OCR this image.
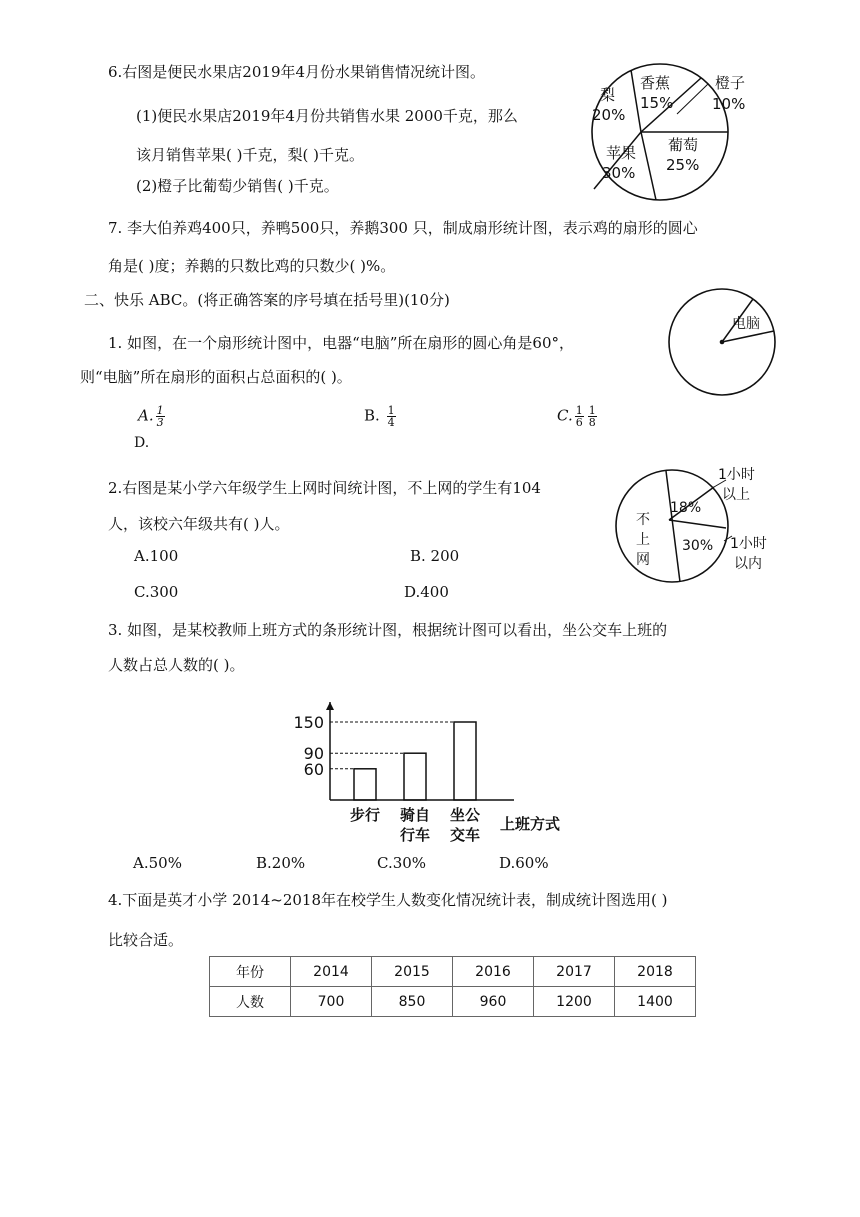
6.右图是便民水果店2019年4月份水果销售情况统计图。
(1)便民水果店2019年4月份共销售水果 2000千克，那么
该月销售苹果( )千克，梨( )千克。
(2)橙子比葡萄少销售( )千克。
香蕉
15%
橙子
10%
葡萄
25%
苹果
30%
梨
20%
7. 李大伯养鸡400只，养鸭500只，养鹅300 只，制成扇形统计图，表示鸡的扇形的圆心
角是( )度；养鹅的只数比鸡的只数少( )%。
二、快乐 ABC。(将正确答案的序号填在括号里)(10分)
1. 如图，在一个扇形统计图中，电器“电脑”所在扇形的圆心角是60°，
则“电脑”所在扇形的面积占总面积的( )。
电脑
A. $\frac{1}{3}$	B. $\frac{1}{4}$	C. $\frac{1}{6} \frac{1}{8}$
D.
2.右图是某小学六年级学生上网时间统计图，不上网的学生有104
人，该校六年级共有( )人。
A.100	B. 200
C.300	D.400
18%
1小时
以上
30% 1小时
以内
不
上
网
3. 如图，是某校教师上班方式的条形统计图，根据统计图可以看出，坐公交车上班的
人数占总人数的( )。
60
步行
90
骑自
行车
150
坐公
交车
上班方式
A.50%	B.20%	C.30%	D.60%
4.下面是英才小学 2014~2018年在校学生人数变化情况统计表，制成统计图选用( )
比较合适。
年份	2014	2015	2016	2017	2018
人数	700	850	960	1200	1400
